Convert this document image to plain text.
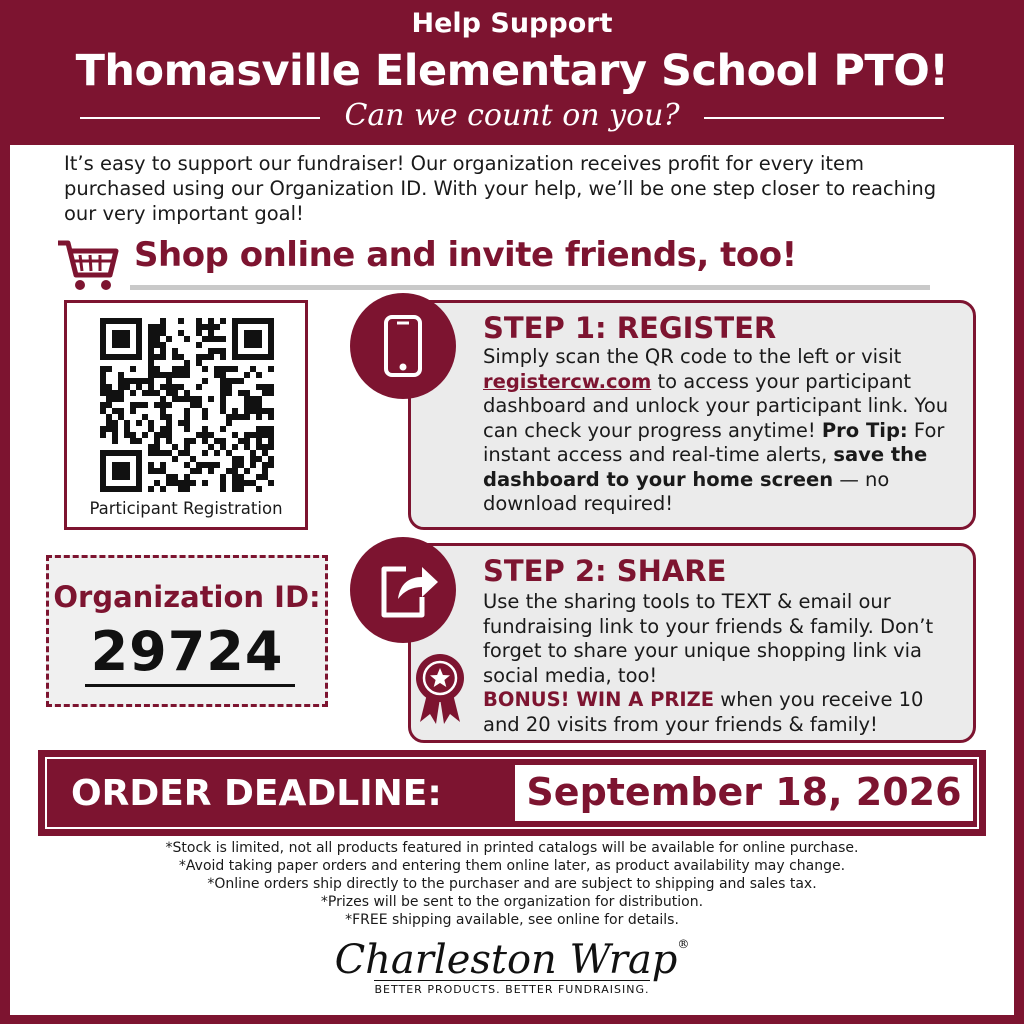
Help Support
Thomasville Elementary School PTO!
Can we count on you?
It’s easy to support our fundraiser! Our organization receives profit for every item purchased using our Organization ID. With your help, we’ll be one step closer to reaching our very important goal!
Shop online and invite friends, too!
Participant Registration
Organization ID:
29724
STEP 1: REGISTER
Simply scan the QR code to the left or visit registercw.com to access your participant dashboard and unlock your participant link. You can check your progress anytime! Pro Tip: For instant access and real-time alerts, save the dashboard to your home screen — no download required!
STEP 2: SHARE
Use the sharing tools to TEXT & email our fundraising link to your friends & family. Don’t forget to share your unique shopping link via social media, too!
BONUS! WIN A PRIZE when you receive 10 and 20 visits from your friends & family!
ORDER DEADLINE:	September 18, 2026
*Stock is limited, not all products featured in printed catalogs will be available for online purchase.
*Avoid taking paper orders and entering them online later, as product availability may change.
*Online orders ship directly to the purchaser and are subject to shipping and sales tax.
*Prizes will be sent to the organization for distribution.
*FREE shipping available, see online for details.
Charleston Wrap®
BETTER PRODUCTS. BETTER FUNDRAISING.
